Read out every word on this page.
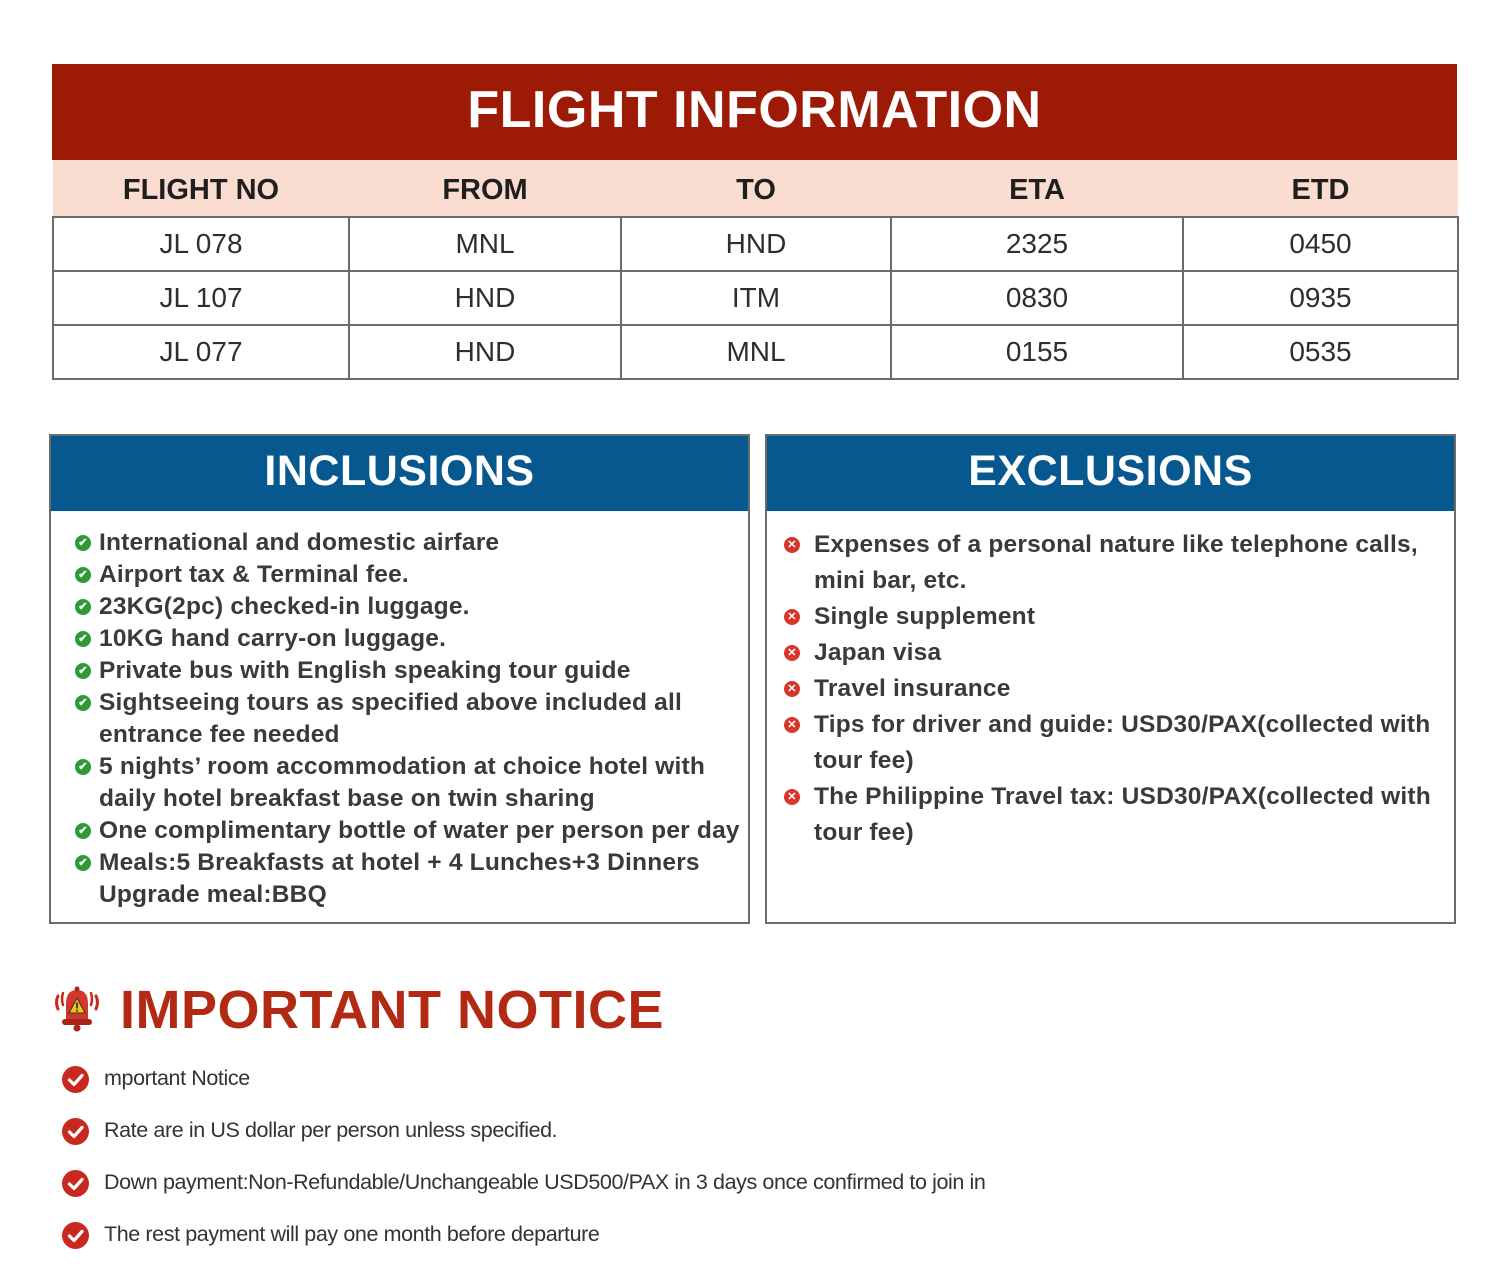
FLIGHT INFORMATION
FLIGHT NO	FROM	TO	ETA	ETD
JL 078	MNL	HND	2325	0450
JL 107	HND	ITM	0830	0935
JL 077	HND	MNL	0155	0535
INCLUSIONS
✔ International and domestic airfare
✔ Airport tax & Terminal fee.
✔ 23KG(2pc) checked-in luggage.
✔ 10KG hand carry-on luggage.
✔ Private bus with English speaking tour guide
✔ Sightseeing tours as specified above included all entrance fee needed
✔ 5 nights’ room accommodation at choice hotel with daily hotel breakfast base on twin sharing
✔ One complimentary bottle of water per person per day
✔ Meals:5 Breakfasts at hotel + 4 Lunches+3 Dinners Upgrade meal:BBQ
EXCLUSIONS
✕ Expenses of a personal nature like telephone calls, mini bar, etc.
✕ Single supplement
✕ Japan visa
✕ Travel insurance
✕ Tips for driver and guide: USD30/PAX(collected with tour fee)
✕ The Philippine Travel tax: USD30/PAX(collected with tour fee)
IMPORTANT NOTICE
mportant Notice
Rate are in US dollar per person unless specified.
Down payment:Non-Refundable/Unchangeable USD500/PAX in 3 days once confirmed to join in
The rest payment will pay one month before departure
